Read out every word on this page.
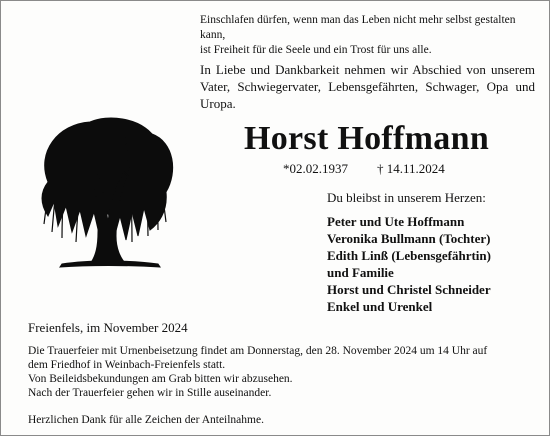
Einschlafen dürfen, wenn man das Leben nicht mehr selbst gestalten kann,
ist Freiheit für die Seele und ein Trost für uns alle.
In Liebe und Dankbarkeit nehmen wir Abschied von unserem Vater, Schwiegervater, Lebensgefährten, Schwager, Opa und Uropa.
Horst Hoffmann
*02.02.1937 † 14.11.2024
Du bleibst in unserem Herzen:
Peter und Ute Hoffmann
Veronika Bullmann (Tochter)
Edith Linß (Lebensgefährtin)
und Familie
Horst und Christel Schneider
Enkel und Urenkel
Freienfels, im November 2024
Die Trauerfeier mit Urnenbeisetzung findet am Donnerstag, den 28. November 2024 um 14 Uhr auf
dem Friedhof in Weinbach-Freienfels statt.
Von Beileidsbekundungen am Grab bitten wir abzusehen.
Nach der Trauerfeier gehen wir in Stille auseinander.
Herzlichen Dank für alle Zeichen der Anteilnahme.
